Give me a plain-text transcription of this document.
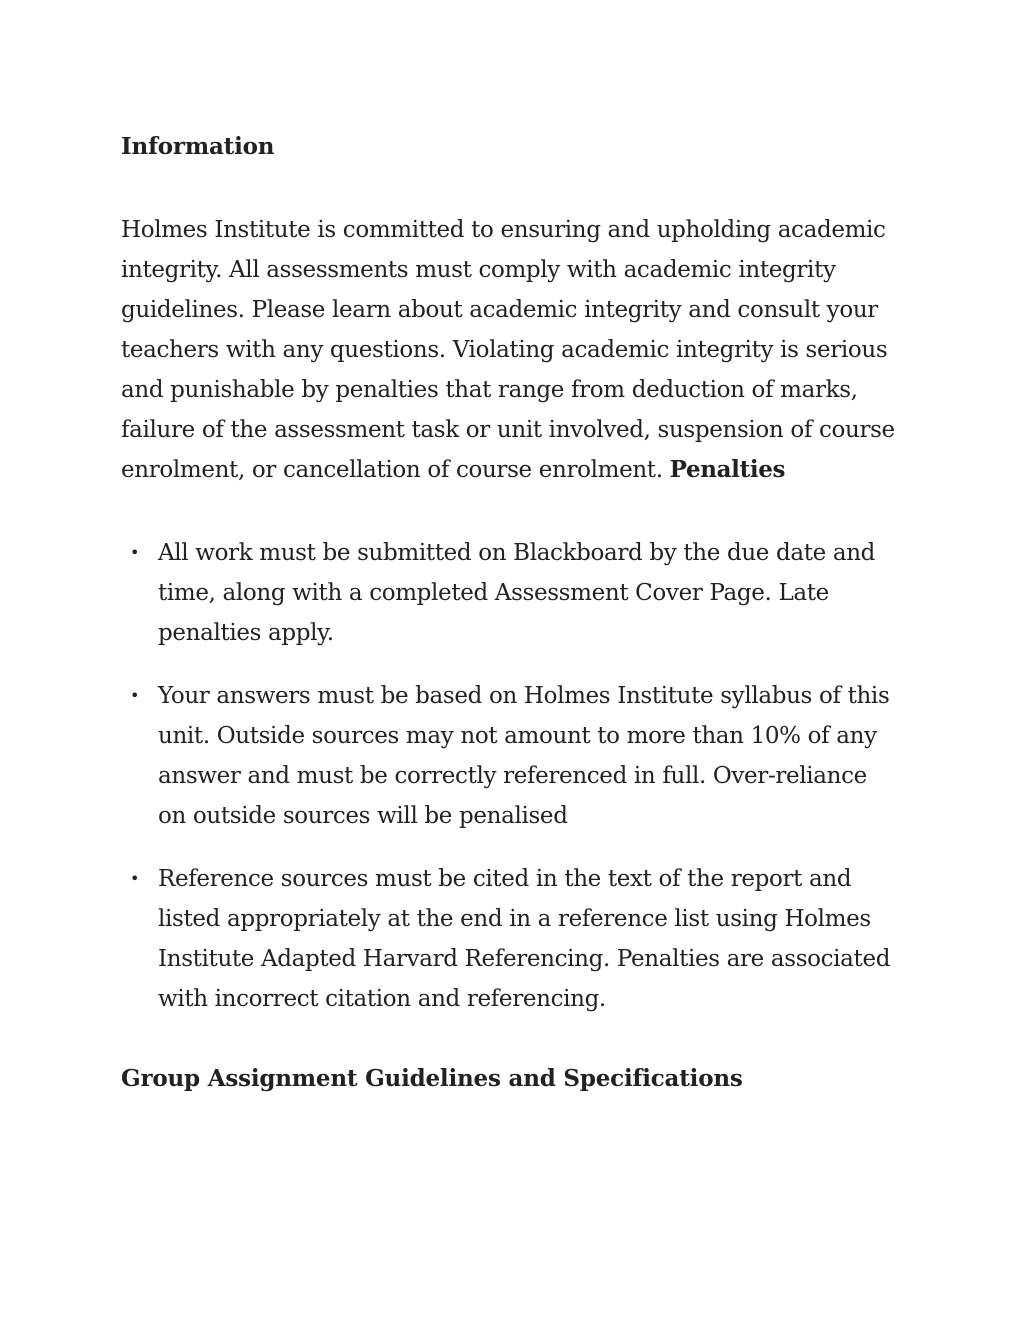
Information

Holmes Institute is committed to ensuring and upholding academic integrity. All assessments must comply with academic integrity guidelines. Please learn about academic integrity and consult your teachers with any questions. Violating academic integrity is serious and punishable by penalties that range from deduction of marks, failure of the assessment task or unit involved, suspension of course enrolment, or cancellation of course enrolment. Penalties

• All work must be submitted on Blackboard by the due date and time, along with a completed Assessment Cover Page. Late penalties apply.
• Your answers must be based on Holmes Institute syllabus of this unit. Outside sources may not amount to more than 10% of any answer and must be correctly referenced in full. Over-reliance on outside sources will be penalised
• Reference sources must be cited in the text of the report and listed appropriately at the end in a reference list using Holmes Institute Adapted Harvard Referencing. Penalties are associated with incorrect citation and referencing.
Group Assignment Guidelines and Specifications
